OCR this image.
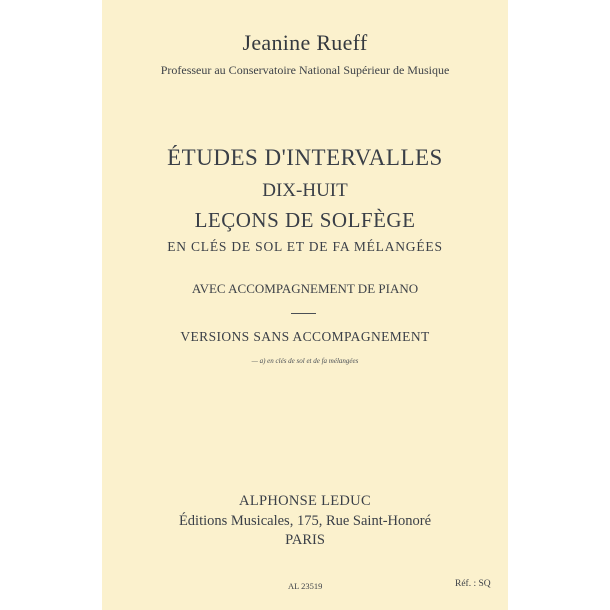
Jeanine Rueff
Professeur au Conservatoire National Supérieur de Musique
ÉTUDES D'INTERVALLES
DIX-HUIT
LEÇONS DE SOLFÈGE
EN CLÉS DE SOL ET DE FA MÉLANGÉES
AVEC ACCOMPAGNEMENT DE PIANO
VERSIONS SANS ACCOMPAGNEMENT
— a) en clés de sol et de fa mélangées
ALPHONSE LEDUC
Éditions Musicales, 175, Rue Saint-Honoré
PARIS
AL 23519	Réf. : SQ
